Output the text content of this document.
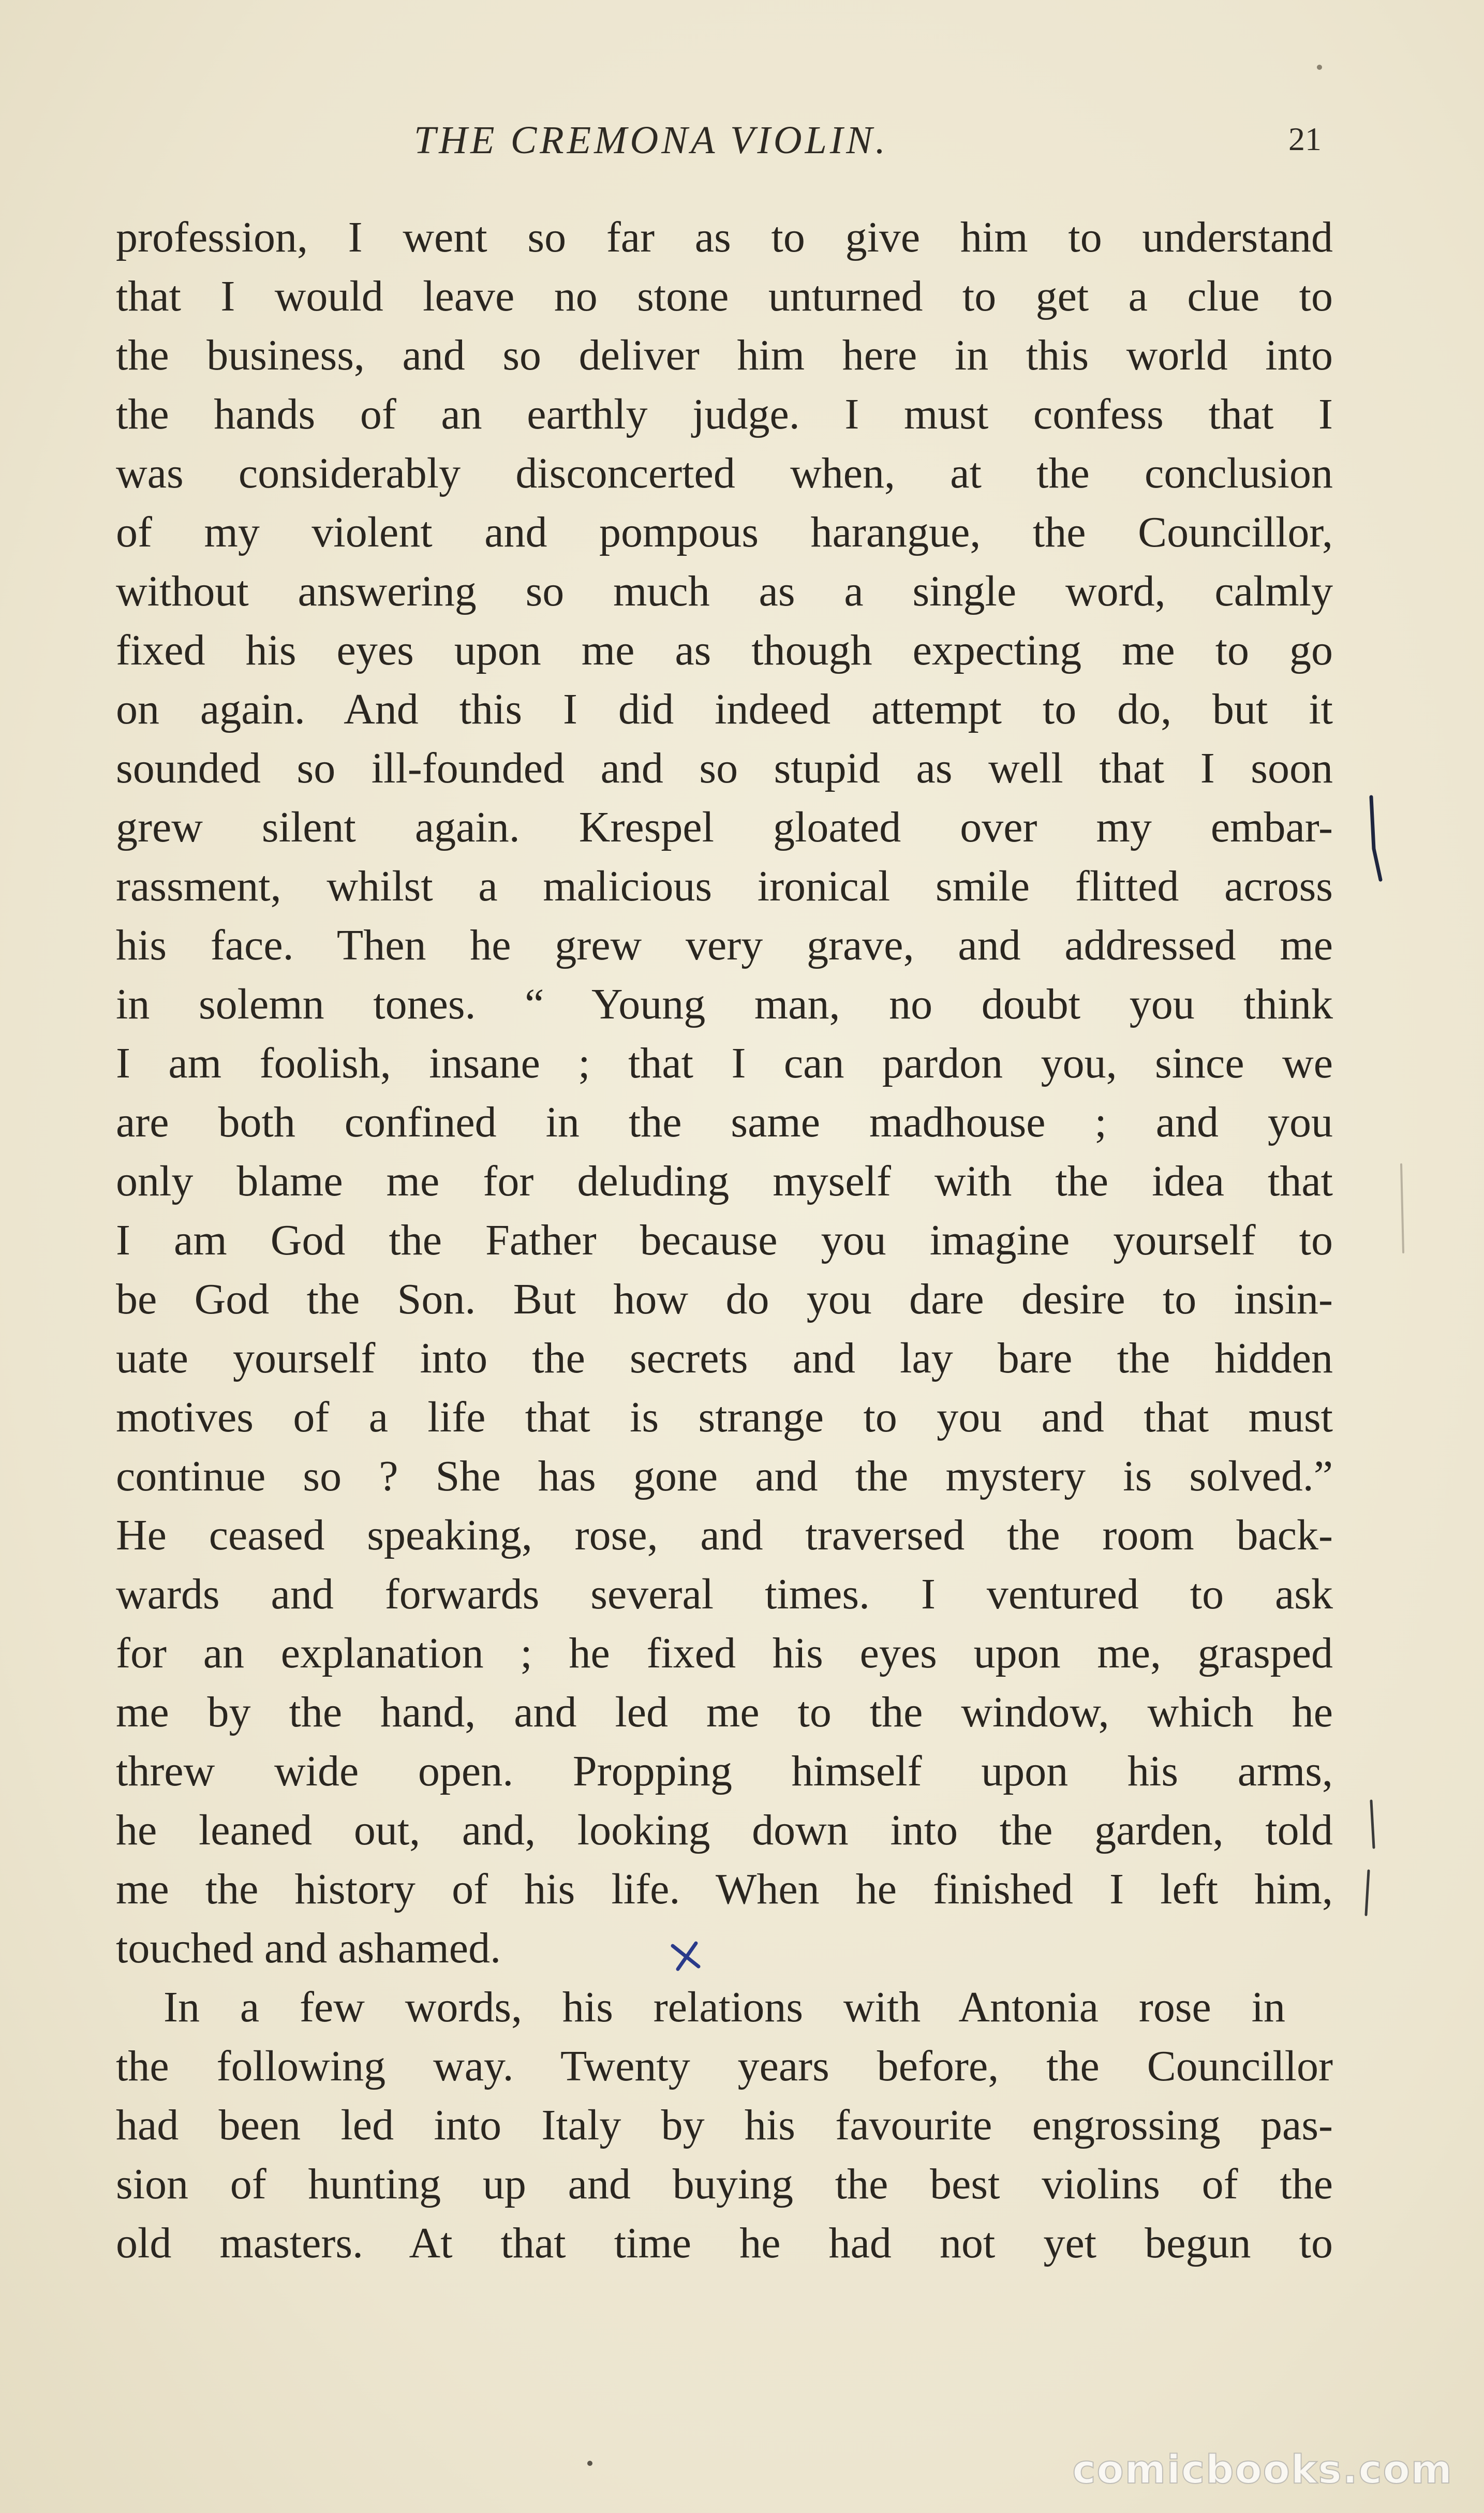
THE CREMONA VIOLIN.	21
profession, I went so far as to give him to understand
that I would leave no stone unturned to get a clue to
the business, and so deliver him here in this world into
the hands of an earthly judge. I must confess that I
was considerably disconcerted when, at the conclusion
of my violent and pompous harangue, the Councillor,
without answering so much as a single word, calmly
fixed his eyes upon me as though expecting me to go
on again. And this I did indeed attempt to do, but it
sounded so ill-founded and so stupid as well that I soon
grew silent again. Krespel gloated over my embar-
rassment, whilst a malicious ironical smile flitted across
his face. Then he grew very grave, and addressed me
in solemn tones. “ Young man, no doubt you think
I am foolish, insane ; that I can pardon you, since we
are both confined in the same madhouse ; and you
only blame me for deluding myself with the idea that
I am God the Father because you imagine yourself to
be God the Son. But how do you dare desire to insin-
uate yourself into the secrets and lay bare the hidden
motives of a life that is strange to you and that must
continue so ? She has gone and the mystery is solved.”
He ceased speaking, rose, and traversed the room back-
wards and forwards several times. I ventured to ask
for an explanation ; he fixed his eyes upon me, grasped
me by the hand, and led me to the window, which he
threw wide open. Propping himself upon his arms,
he leaned out, and, looking down into the garden, told
me the history of his life. When he finished I left him,
touched and ashamed.
In a few words, his relations with Antonia rose in
the following way. Twenty years before, the Councillor
had been led into Italy by his favourite engrossing pas-
sion of hunting up and buying the best violins of the
old masters. At that time he had not yet begun to
comicbooks.com
